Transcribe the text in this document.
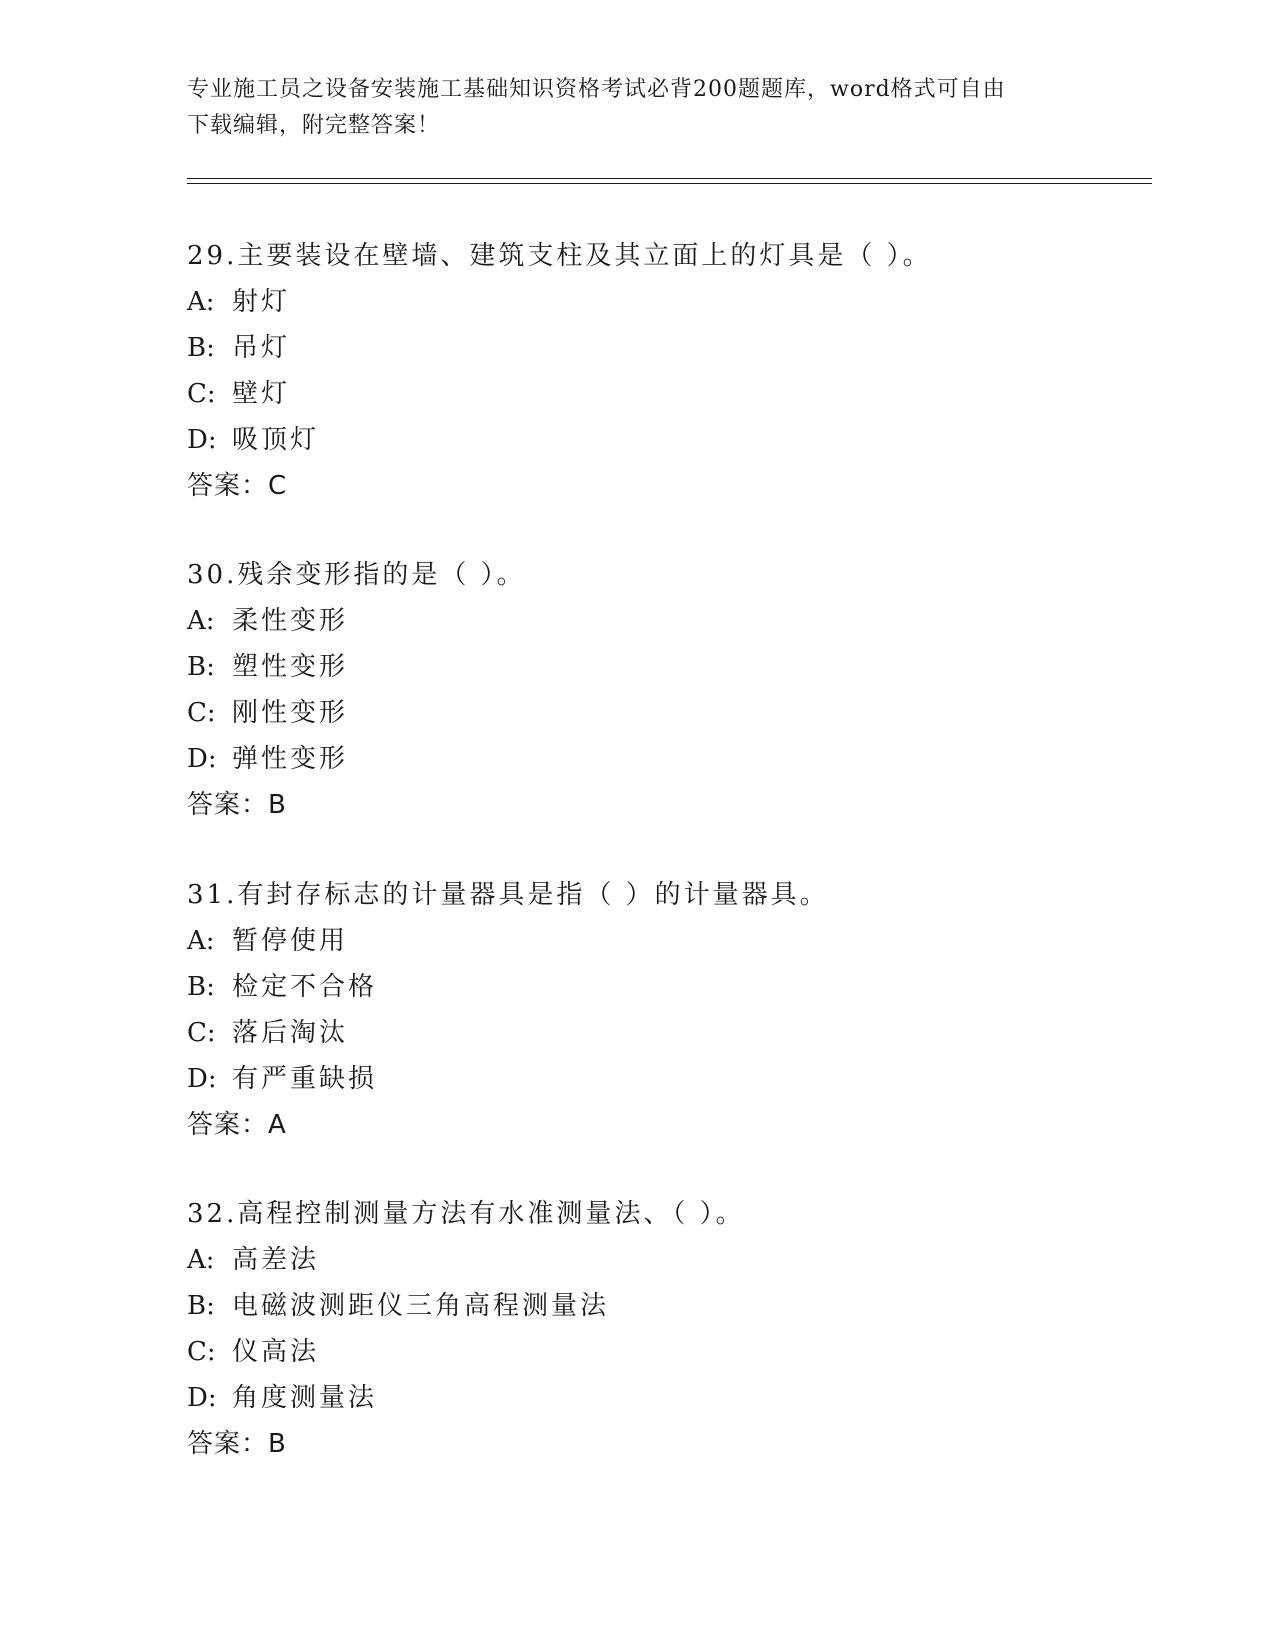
专业施工员之设备安装施工基础知识资格考试必背200题题库，word格式可自由
下载编辑，附完整答案！
29.主要装设在壁墙、建筑支柱及其立面上的灯具是（ ）。
A: 射灯
B: 吊灯
C: 壁灯
D: 吸顶灯
答案：C
30.残余变形指的是（ ）。
A: 柔性变形
B: 塑性变形
C: 刚性变形
D: 弹性变形
答案：B
31.有封存标志的计量器具是指（ ）的计量器具。
A: 暂停使用
B: 检定不合格
C: 落后淘汰
D: 有严重缺损
答案：A
32.高程控制测量方法有水准测量法、（ ）。
A: 高差法
B: 电磁波测距仪三角高程测量法
C: 仪高法
D: 角度测量法
答案：B
